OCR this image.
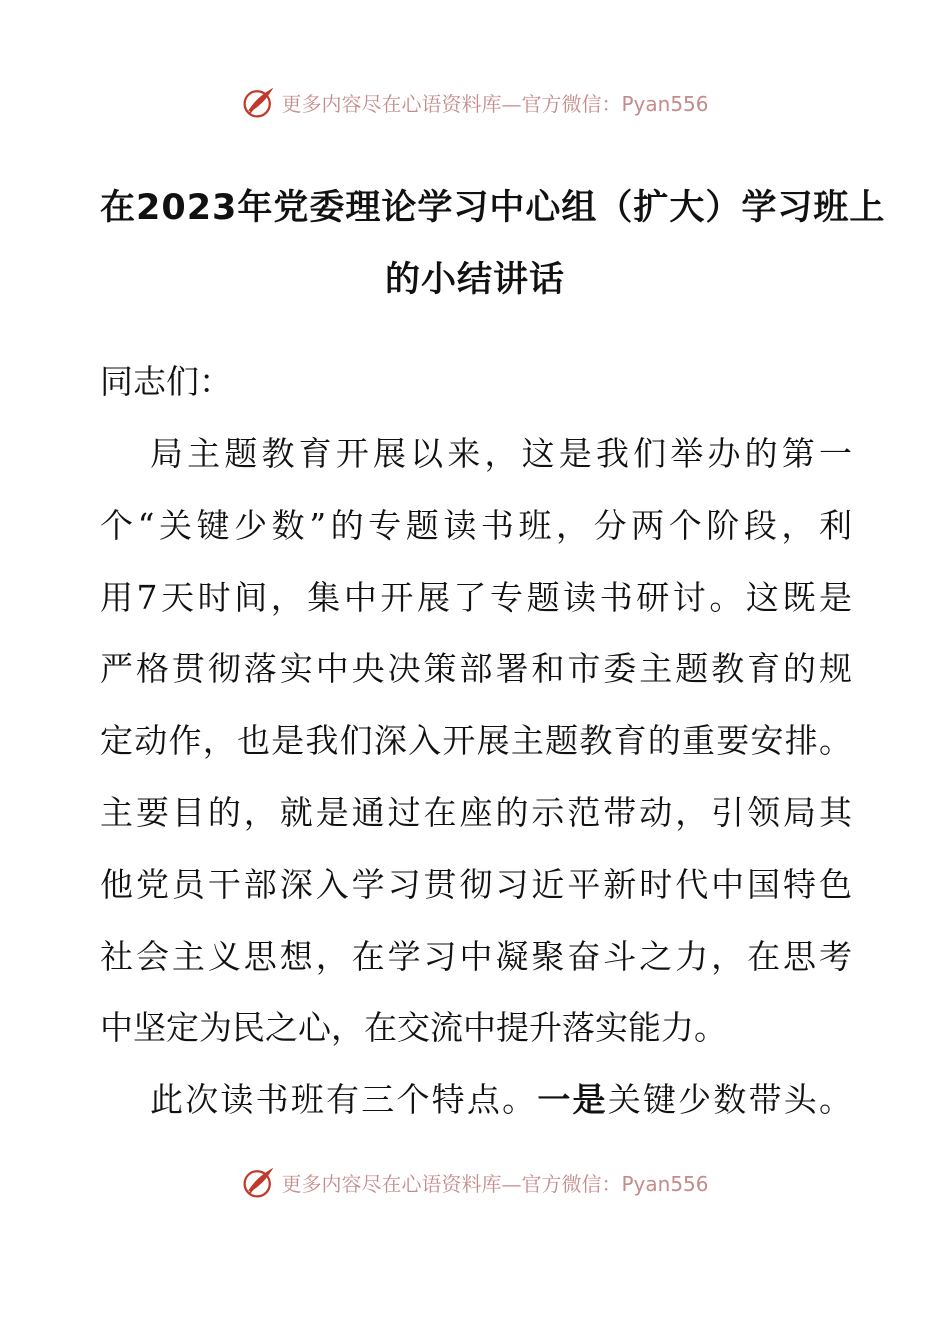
更多内容尽在心语资料库—官方微信：Pyan556
在2023年党委理论学习中心组（扩大）学习班上
的小结讲话
同志们：
局主题教育开展以来，这是我们举办的第一
个“关键少数”的专题读书班，分两个阶段，利
用7天时间，集中开展了专题读书研讨。这既是
严格贯彻落实中央决策部署和市委主题教育的规
定动作，也是我们深入开展主题教育的重要安排。
主要目的，就是通过在座的示范带动，引领局其
他党员干部深入学习贯彻习近平新时代中国特色
社会主义思想，在学习中凝聚奋斗之力，在思考
中坚定为民之心，在交流中提升落实能力。
此次读书班有三个特点。一是关键少数带头。
更多内容尽在心语资料库—官方微信：Pyan556
